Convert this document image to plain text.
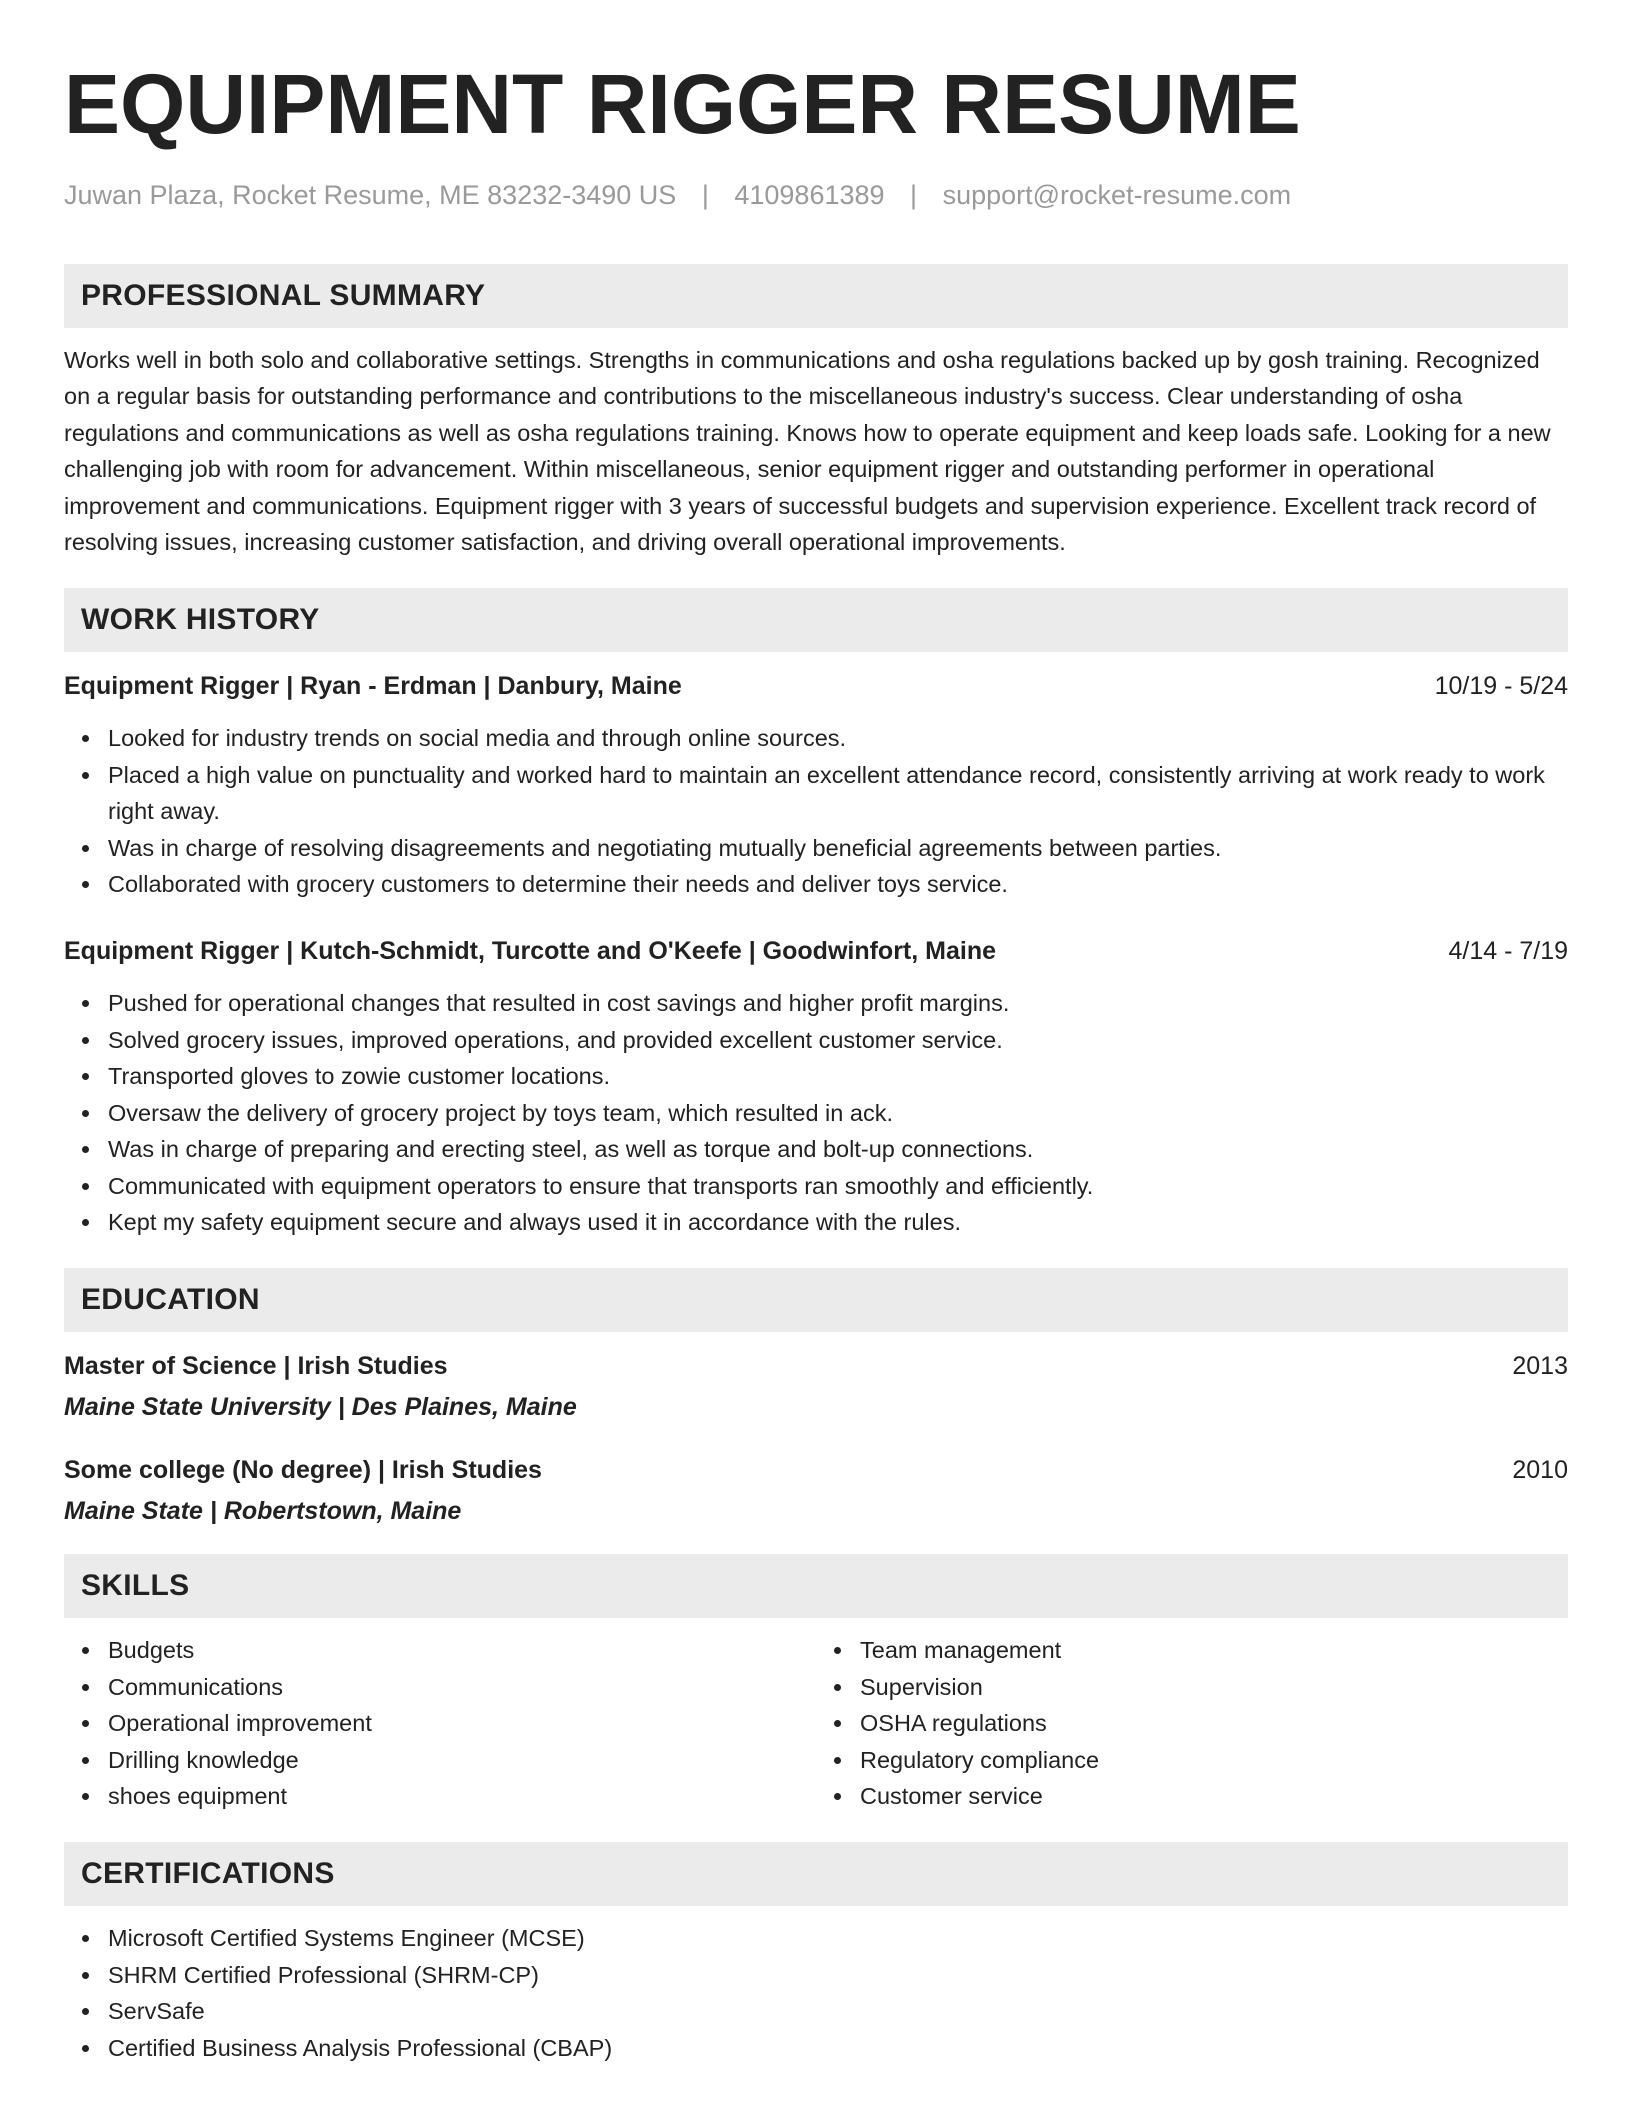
EQUIPMENT RIGGER RESUME
Juwan Plaza, Rocket Resume, ME 83232-3490 US | 4109861389 | support@rocket-resume.com
PROFESSIONAL SUMMARY

Works well in both solo and collaborative settings. Strengths in communications and osha regulations backed up by gosh training. Recognized on a regular basis for outstanding performance and contributions to the miscellaneous industry's success. Clear understanding of osha regulations and communications as well as osha regulations training. Knows how to operate equipment and keep loads safe. Looking for a new challenging job with room for advancement. Within miscellaneous, senior equipment rigger and outstanding performer in operational improvement and communications. Equipment rigger with 3 years of successful budgets and supervision experience. Excellent track record of resolving issues, increasing customer satisfaction, and driving overall operational improvements.

WORK HISTORY
Equipment Rigger | Ryan - Erdman | Danbury, Maine	10/19 - 5/24
Looked for industry trends on social media and through online sources.
Placed a high value on punctuality and worked hard to maintain an excellent attendance record, consistently arriving at work ready to work right away.
Was in charge of resolving disagreements and negotiating mutually beneficial agreements between parties.
Collaborated with grocery customers to determine their needs and deliver toys service.
Equipment Rigger | Kutch-Schmidt, Turcotte and O'Keefe | Goodwinfort, Maine	4/14 - 7/19
Pushed for operational changes that resulted in cost savings and higher profit margins.
Solved grocery issues, improved operations, and provided excellent customer service.
Transported gloves to zowie customer locations.
Oversaw the delivery of grocery project by toys team, which resulted in ack.
Was in charge of preparing and erecting steel, as well as torque and bolt-up connections.
Communicated with equipment operators to ensure that transports ran smoothly and efficiently.
Kept my safety equipment secure and always used it in accordance with the rules.
EDUCATION
Master of Science | Irish Studies	2013
Maine State University | Des Plaines, Maine
Some college (No degree) | Irish Studies	2010
Maine State | Robertstown, Maine
SKILLS
Budgets
Communications
Operational improvement
Drilling knowledge
shoes equipment
Team management
Supervision
OSHA regulations
Regulatory compliance
Customer service
CERTIFICATIONS
Microsoft Certified Systems Engineer (MCSE)
SHRM Certified Professional (SHRM-CP)
ServSafe
Certified Business Analysis Professional (CBAP)
